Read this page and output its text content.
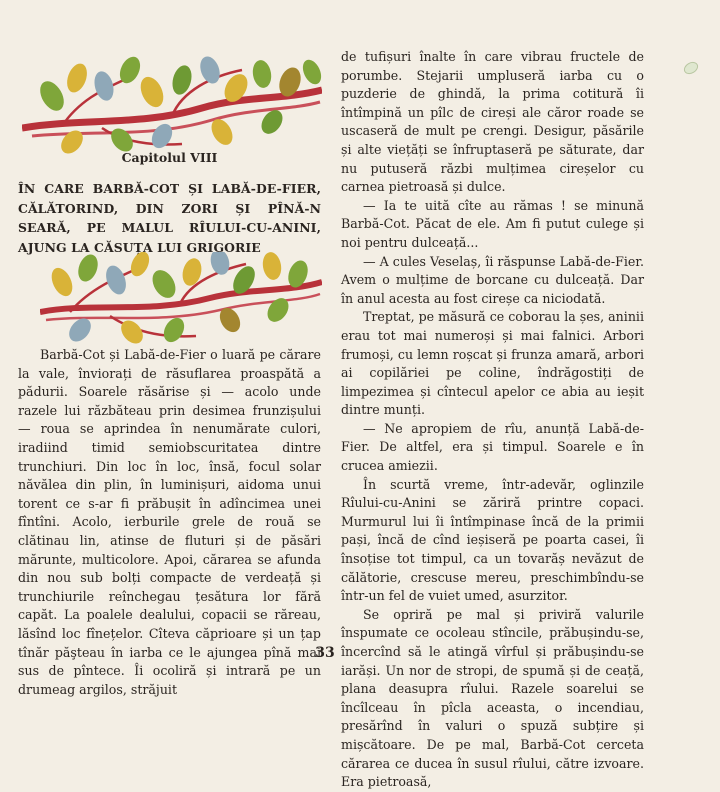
Capitolul VIII
ÎN CARE BARBĂ-COT ȘI LABĂ-DE-FIER, CĂLĂTORIND, DIN ZORI ȘI PÎNĂ-N SEARĂ, PE MALUL RÎULUI-CU-ANINI, AJUNG LA CĂSUȚA LUI GRIGORIE

Barbă-Cot și Labă-de-Fier o luară pe cărare la vale, înviorați de răsuflarea proaspătă a pădurii. Soarele răsărise și — acolo unde razele lui răzbăteau prin desimea frunzișului — roua se aprindea în nenumărate culori, iradiind timid semiobscuritatea dintre trunchiuri. Din loc în loc, însă, focul solar năvălea din plin, în luminișuri, aidoma unui torent ce s-ar fi prăbușit în adîncimea unei fîntîni. Acolo, ierburile grele de rouă se clătinau lin, atinse de fluturi și de păsări mărunte, multicolore. Apoi, cărarea se afunda din nou sub bolți compacte de verdeață și trunchiurile reînchegau țesătura lor fără capăt. La poalele dealului, copacii se răreau, lăsînd loc fînețelor. Cîteva căprioare și un țap tînăr păşteau în iarba ce le ajungea pînă mai sus de pîntece. Îi ocoliră și intrară pe un drumeag argilos, străjuit

de tufișuri înalte în care vibrau fructele de porumbe. Stejarii umpluseră iarba cu o puzderie de ghindă, la prima cotitură îi întîmpină un pîlc de cireși ale căror roade se uscaseră de mult pe crengi. Desigur, păsările și alte viețăți se înfruptaseră pe săturate, dar nu putuseră răzbi mulțimea cireșelor cu carnea pietroasă și dulce.

— Ia te uită cîte au rămas ! se minună Barbă-Cot. Păcat de ele. Am fi putut culege și noi pentru dulceață...

— A cules Veselaș, îi răspunse Labă-de-Fier. Avem o mulțime de borcane cu dulceață. Dar în anul acesta au fost cireșe ca niciodată.

Treptat, pe măsură ce coborau la șes, aninii erau tot mai numeroși și mai falnici. Arbori frumoși, cu lemn roșcat și frunza amară, arbori ai copilăriei pe coline, îndrăgostiți de limpezimea și cîntecul apelor ce abia au ieșit dintre munți.

— Ne apropiem de rîu, anunță Labă-de-Fier. De altfel, era și timpul. Soarele e în crucea amiezii.

În scurtă vreme, într-adevăr, oglinzile Rîului-cu-Anini se zăriră printre copaci. Murmurul lui îi întîmpinase încă de la primii pași, încă de cînd ieșiseră pe poarta casei, îi însoțise tot timpul, ca un tovarăș nevăzut de călătorie, crescuse mereu, preschimbîndu-se într-un fel de vuiet umed, asurzitor.

Se opriră pe mal și priviră valurile înspumate ce ocoleau stîncile, prăbușindu-se, încercînd să le atingă vîrful și prăbușindu-se iarăși. Un nor de stropi, de spumă și de ceață, plana deasupra rîului. Razele soarelui se încîlceau în pîcla aceasta, o incendiau, presărînd în valuri o spuză subțire și mișcătoare. De pe mal, Barbă-Cot cerceta cărarea ce ducea în susul rîului, către izvoare. Era pietroasă,

33
